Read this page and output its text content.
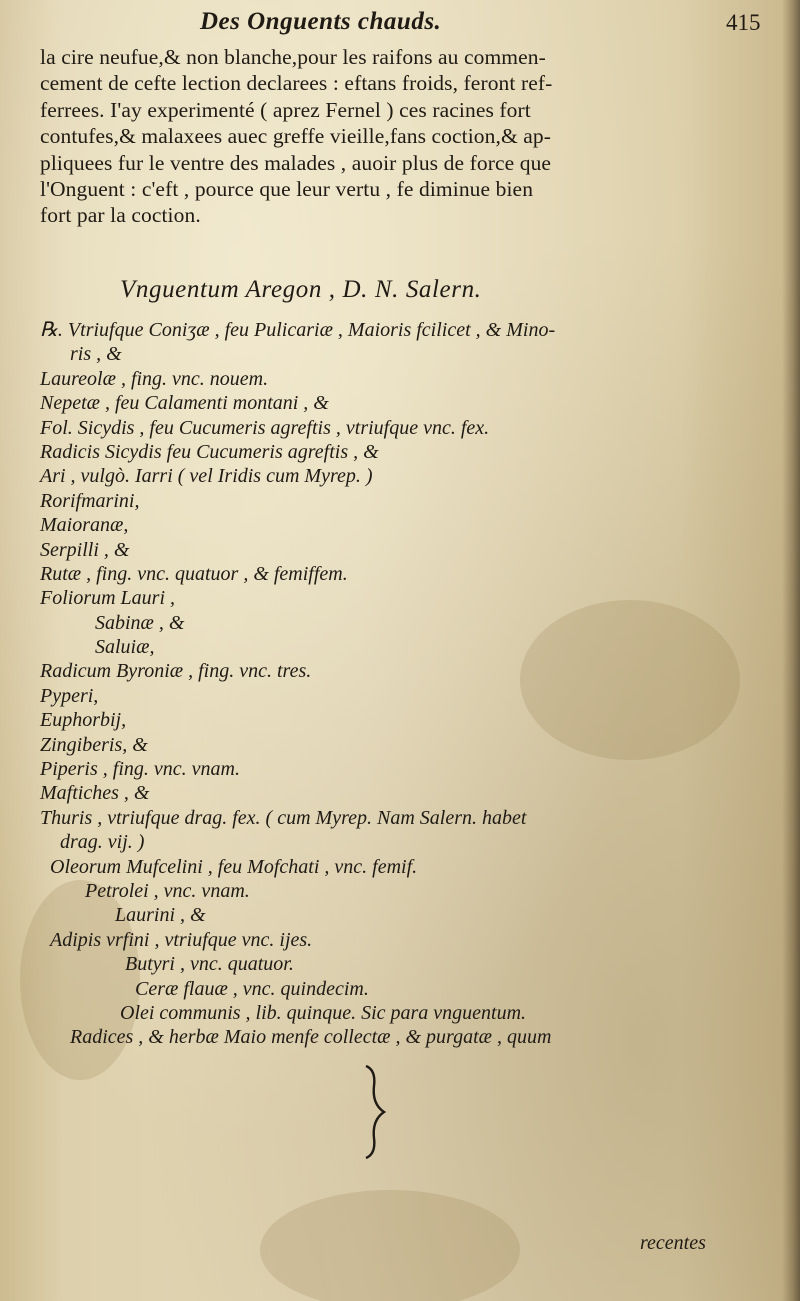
Des Onguents chauds.	415

la cire neufue,& non blanche,pour les raifons au commen-
cement de cefte lection declarees : eftans froids, feront ref-
ferrees. I'ay experimenté ( aprez Fernel ) ces racines fort
contufes,& malaxees auec greffe vieille,fans coction,& ap-
pliquees fur le ventre des malades , auoir plus de force que
l'Onguent : c'eft , pource que leur vertu , fe diminue bien
fort par la coction.

Vnguentum Aregon , D. N. Salern.
℞. Vtriufque Coniʒæ , feu Pulicariæ , Maioris fcilicet , & Mino-
ris , &
Laureolæ , fing. vnc. nouem.
Nepetæ , feu Calamenti montani , &
Fol. Sicydis , feu Cucumeris agreftis , vtriufque vnc. fex.
Radicis Sicydis feu Cucumeris agreftis , &
Ari , vulgò. Iarri ( vel Iridis cum Myrep. )
Rorifmarini,
Maioranæ,
Serpilli , &
Rutæ , fing. vnc. quatuor , & femiffem.
Foliorum Lauri ,
Sabinæ , &
Saluiæ,
Radicum Byroniæ , fing. vnc. tres.
Pyperi,
Euphorbij,
Zingiberis, &
Piperis , fing. vnc. vnam.
Maftiches , &
Thuris , vtriufque drag. fex. ( cum Myrep. Nam Salern. habet
drag. vij. )
Oleorum Mufcelini , feu Mofchati , vnc. femif.
Petrolei , vnc. vnam.
Laurini , &
Adipis vrfini , vtriufque vnc. ijes.
Butyri , vnc. quatuor.
Ceræ flauæ , vnc. quindecim.
Olei communis , lib. quinque. Sic para vnguentum.
Radices , & herbæ Maio menfe collectæ , & purgatæ , quum
recentes
